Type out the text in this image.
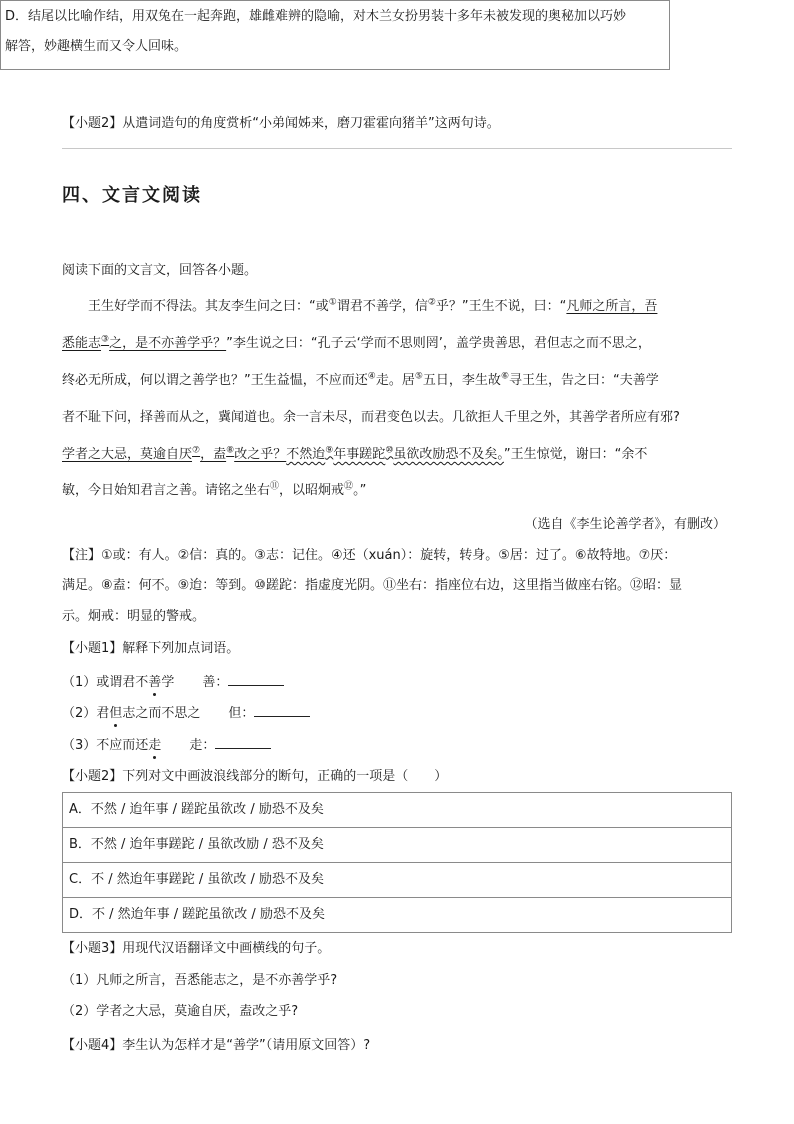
D．结尾以比喻作结，用双兔在一起奔跑，雄雌难辨的隐喻，对木兰女扮男装十多年未被发现的奥秘加以巧妙
解答，妙趣横生而又令人回味。
【小题2】从遣词造句的角度赏析“小弟闻姊来，磨刀霍霍向猪羊”这两句诗。
四、文言文阅读
阅读下面的文言文，回答各小题。
王生好学而不得法。其友李生问之曰：“或①谓君不善学，信②乎？”王生不说，曰：“凡师之所言，吾
悉能志③之，是不亦善学乎？”李生说之曰：“孔子云‘学而不思则罔’，盖学贵善思，君但志之而不思之，
终必无所成，何以谓之善学也？”王生益愠，不应而还④走。居⑤五日，李生故⑥寻王生，告之曰：“夫善学
者不耻下问，择善而从之，冀闻道也。余一言未尽，而君变色以去。几欲拒人千里之外，其善学者所应有邪?
学者之大忌，莫逾自厌⑦，盍⑧改之乎？不然迨⑨年事蹉跎⑩虽欲改励恐不及矣。”王生惊觉，谢曰：“余不
敏，今日始知君言之善。请铭之坐右⑪，以昭炯戒⑫。”
（选自《李生论善学者》，有删改）
【注】①或：有人。②信：真的。③志：记住。④还（xuán）：旋转，转身。⑤居：过了。⑥故特地。⑦厌：
满足。⑧盍：何不。⑨迨：等到。⑩蹉跎：指虚度光阴。⑪坐右：指座位右边，这里指当做座右铭。⑫昭：显
示。炯戒：明显的警戒。
【小题1】解释下列加点词语。
（1）或谓君不善学 善：
（2）君但志之而不思之 但：
（3）不应而还走 走：
【小题2】下列对文中画波浪线部分的断句，正确的一项是（　　）
A．不然 / 迨年事 / 蹉跎虽欲改 / 励恐不及矣
B．不然 / 迨年事蹉跎 / 虽欲改励 / 恐不及矣
C．不 / 然迨年事蹉跎 / 虽欲改 / 励恐不及矣
D．不 / 然迨年事 / 蹉跎虽欲改 / 励恐不及矣
【小题3】用现代汉语翻译文中画横线的句子。
（1）凡师之所言，吾悉能志之，是不亦善学乎?
（2）学者之大忌，莫逾自厌，盍改之乎?
【小题4】李生认为怎样才是“善学”（请用原文回答）?
